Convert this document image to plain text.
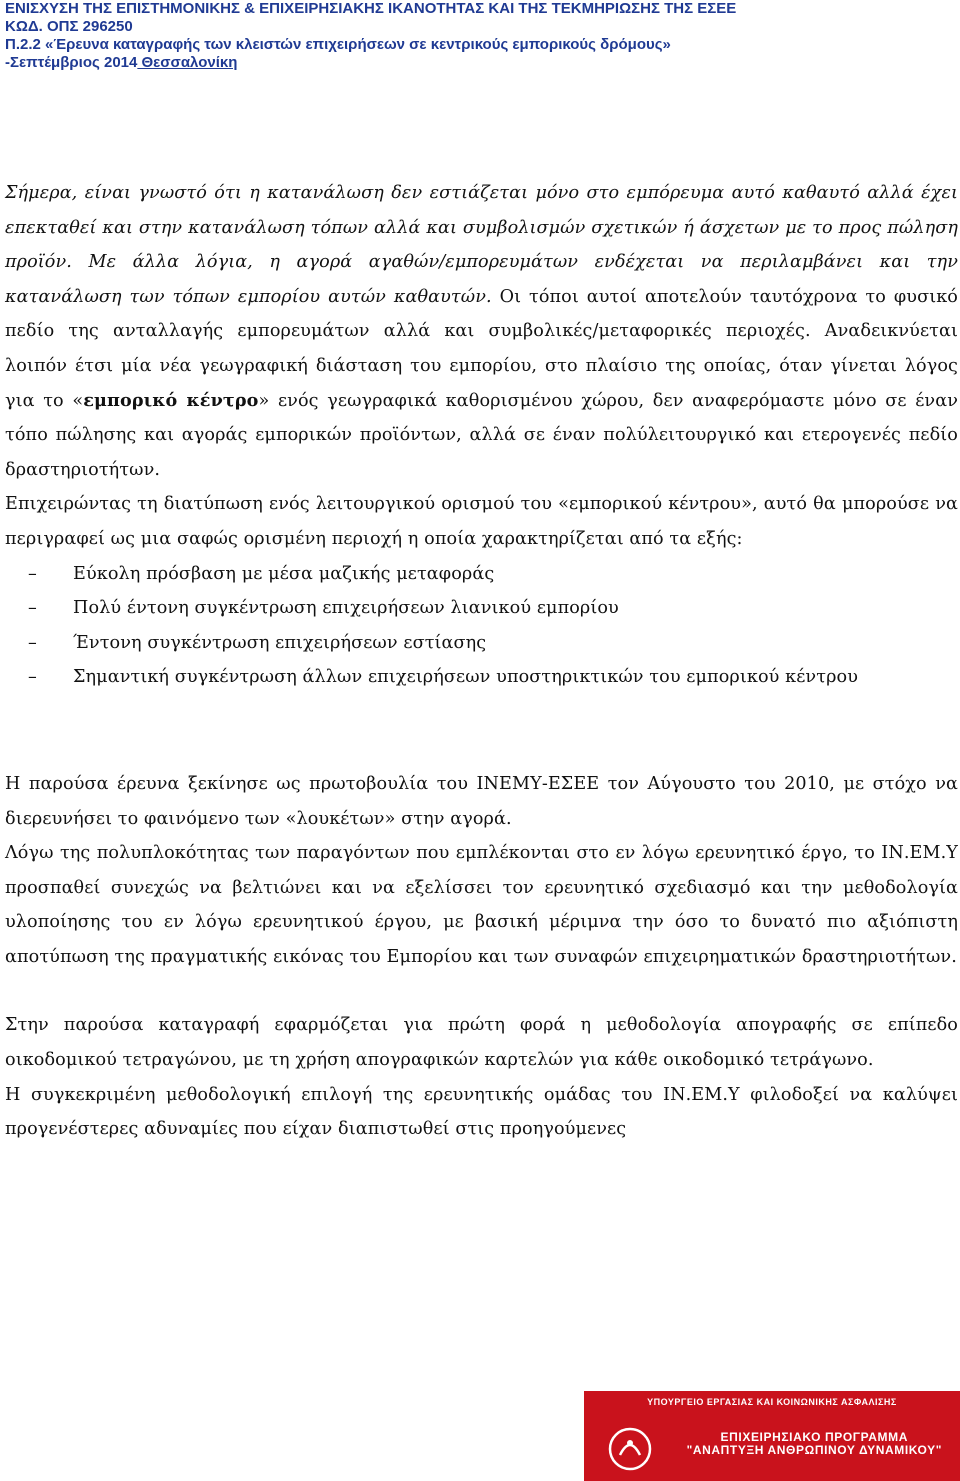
ΕΝΙΣΧΥΣΗ ΤΗΣ ΕΠΙΣΤΗΜΟΝΙΚΗΣ & ΕΠΙΧΕΙΡΗΣΙΑΚΗΣ ΙΚΑΝΟΤΗΤΑΣ ΚΑΙ ΤΗΣ ΤΕΚΜΗΡΙΩΣΗΣ ΤΗΣ ΕΣΕΕ
ΚΩΔ. ΟΠΣ 296250
Π.2.2 «Έρευνα καταγραφής των κλειστών επιχειρήσεων σε κεντρικούς εμπορικούς δρόμους»
-Σεπτέμβριος 2014 Θεσσαλονίκη

Σήμερα, είναι γνωστό ότι η κατανάλωση δεν εστιάζεται μόνο στο εμπόρευμα αυτό καθαυτό αλλά έχει επεκταθεί και στην κατανάλωση τόπων αλλά και συμβολισμών σχετικών ή άσχετων με το προς πώληση προϊόν. Με άλλα λόγια, η αγορά αγαθών/εμπορευμάτων ενδέχεται να περιλαμβάνει και την κατανάλωση των τόπων εμπορίου αυτών καθαυτών. Οι τόποι αυτοί αποτελούν ταυτόχρονα το φυσικό πεδίο της ανταλλαγής εμπορευμάτων αλλά και συμβολικές/μεταφορικές περιοχές. Αναδεικνύεται λοιπόν έτσι μία νέα γεωγραφική διάσταση του εμπορίου, στο πλαίσιο της οποίας, όταν γίνεται λόγος για το «εμπορικό κέντρο» ενός γεωγραφικά καθορισμένου χώρου, δεν αναφερόμαστε μόνο σε έναν τόπο πώλησης και αγοράς εμπορικών προϊόντων, αλλά σε έναν πολύλειτουργικό και ετερογενές πεδίο δραστηριοτήτων.

Επιχειρώντας τη διατύπωση ενός λειτουργικού ορισμού του «εμπορικού κέντρου», αυτό θα μπορούσε να περιγραφεί ως μια σαφώς ορισμένη περιοχή η οποία χαρακτηρίζεται από τα εξής:

– Εύκολη πρόσβαση με μέσα μαζικής μεταφοράς
– Πολύ έντονη συγκέντρωση επιχειρήσεων λιανικού εμπορίου
– Έντονη συγκέντρωση επιχειρήσεων εστίασης
– Σημαντική συγκέντρωση άλλων επιχειρήσεων υποστηρικτικών του εμπορικού κέντρου

Η παρούσα έρευνα ξεκίνησε ως πρωτοβουλία του ΙΝΕΜΥ-ΕΣΕΕ τον Αύγουστο του 2010, με στόχο να διερευνήσει το φαινόμενο των «λουκέτων» στην αγορά.

Λόγω της πολυπλοκότητας των παραγόντων που εμπλέκονται στο εν λόγω ερευνητικό έργο, το ΙΝ.ΕΜ.Υ προσπαθεί συνεχώς να βελτιώνει και να εξελίσσει τον ερευνητικό σχεδιασμό και την μεθοδολογία υλοποίησης του εν λόγω ερευνητικού έργου, με βασική μέριμνα την όσο το δυνατό πιο αξιόπιστη αποτύπωση της πραγματικής εικόνας του Εμπορίου και των συναφών επιχειρηματικών δραστηριοτήτων.

Στην παρούσα καταγραφή εφαρμόζεται για πρώτη φορά η μεθοδολογία απογραφής σε επίπεδο οικοδομικού τετραγώνου, με τη χρήση απογραφικών καρτελών για κάθε οικοδομικό τετράγωνο.

Η συγκεκριμένη μεθοδολογική επιλογή της ερευνητικής ομάδας του ΙΝ.ΕΜ.Υ φιλοδοξεί να καλύψει προγενέστερες αδυναμίες που είχαν διαπιστωθεί στις προηγούμενες

ΥΠΟΥΡΓΕΙΟ ΕΡΓΑΣΙΑΣ ΚΑΙ ΚΟΙΝΩΝΙΚΗΣ ΑΣΦΑΛΙΣΗΣ
ΕΠΙΧΕΙΡΗΣΙΑΚΟ ΠΡΟΓΡΑΜΜΑ
"ΑΝΑΠΤΥΞΗ ΑΝΘΡΩΠΙΝΟΥ ΔΥΝΑΜΙΚΟΥ"
